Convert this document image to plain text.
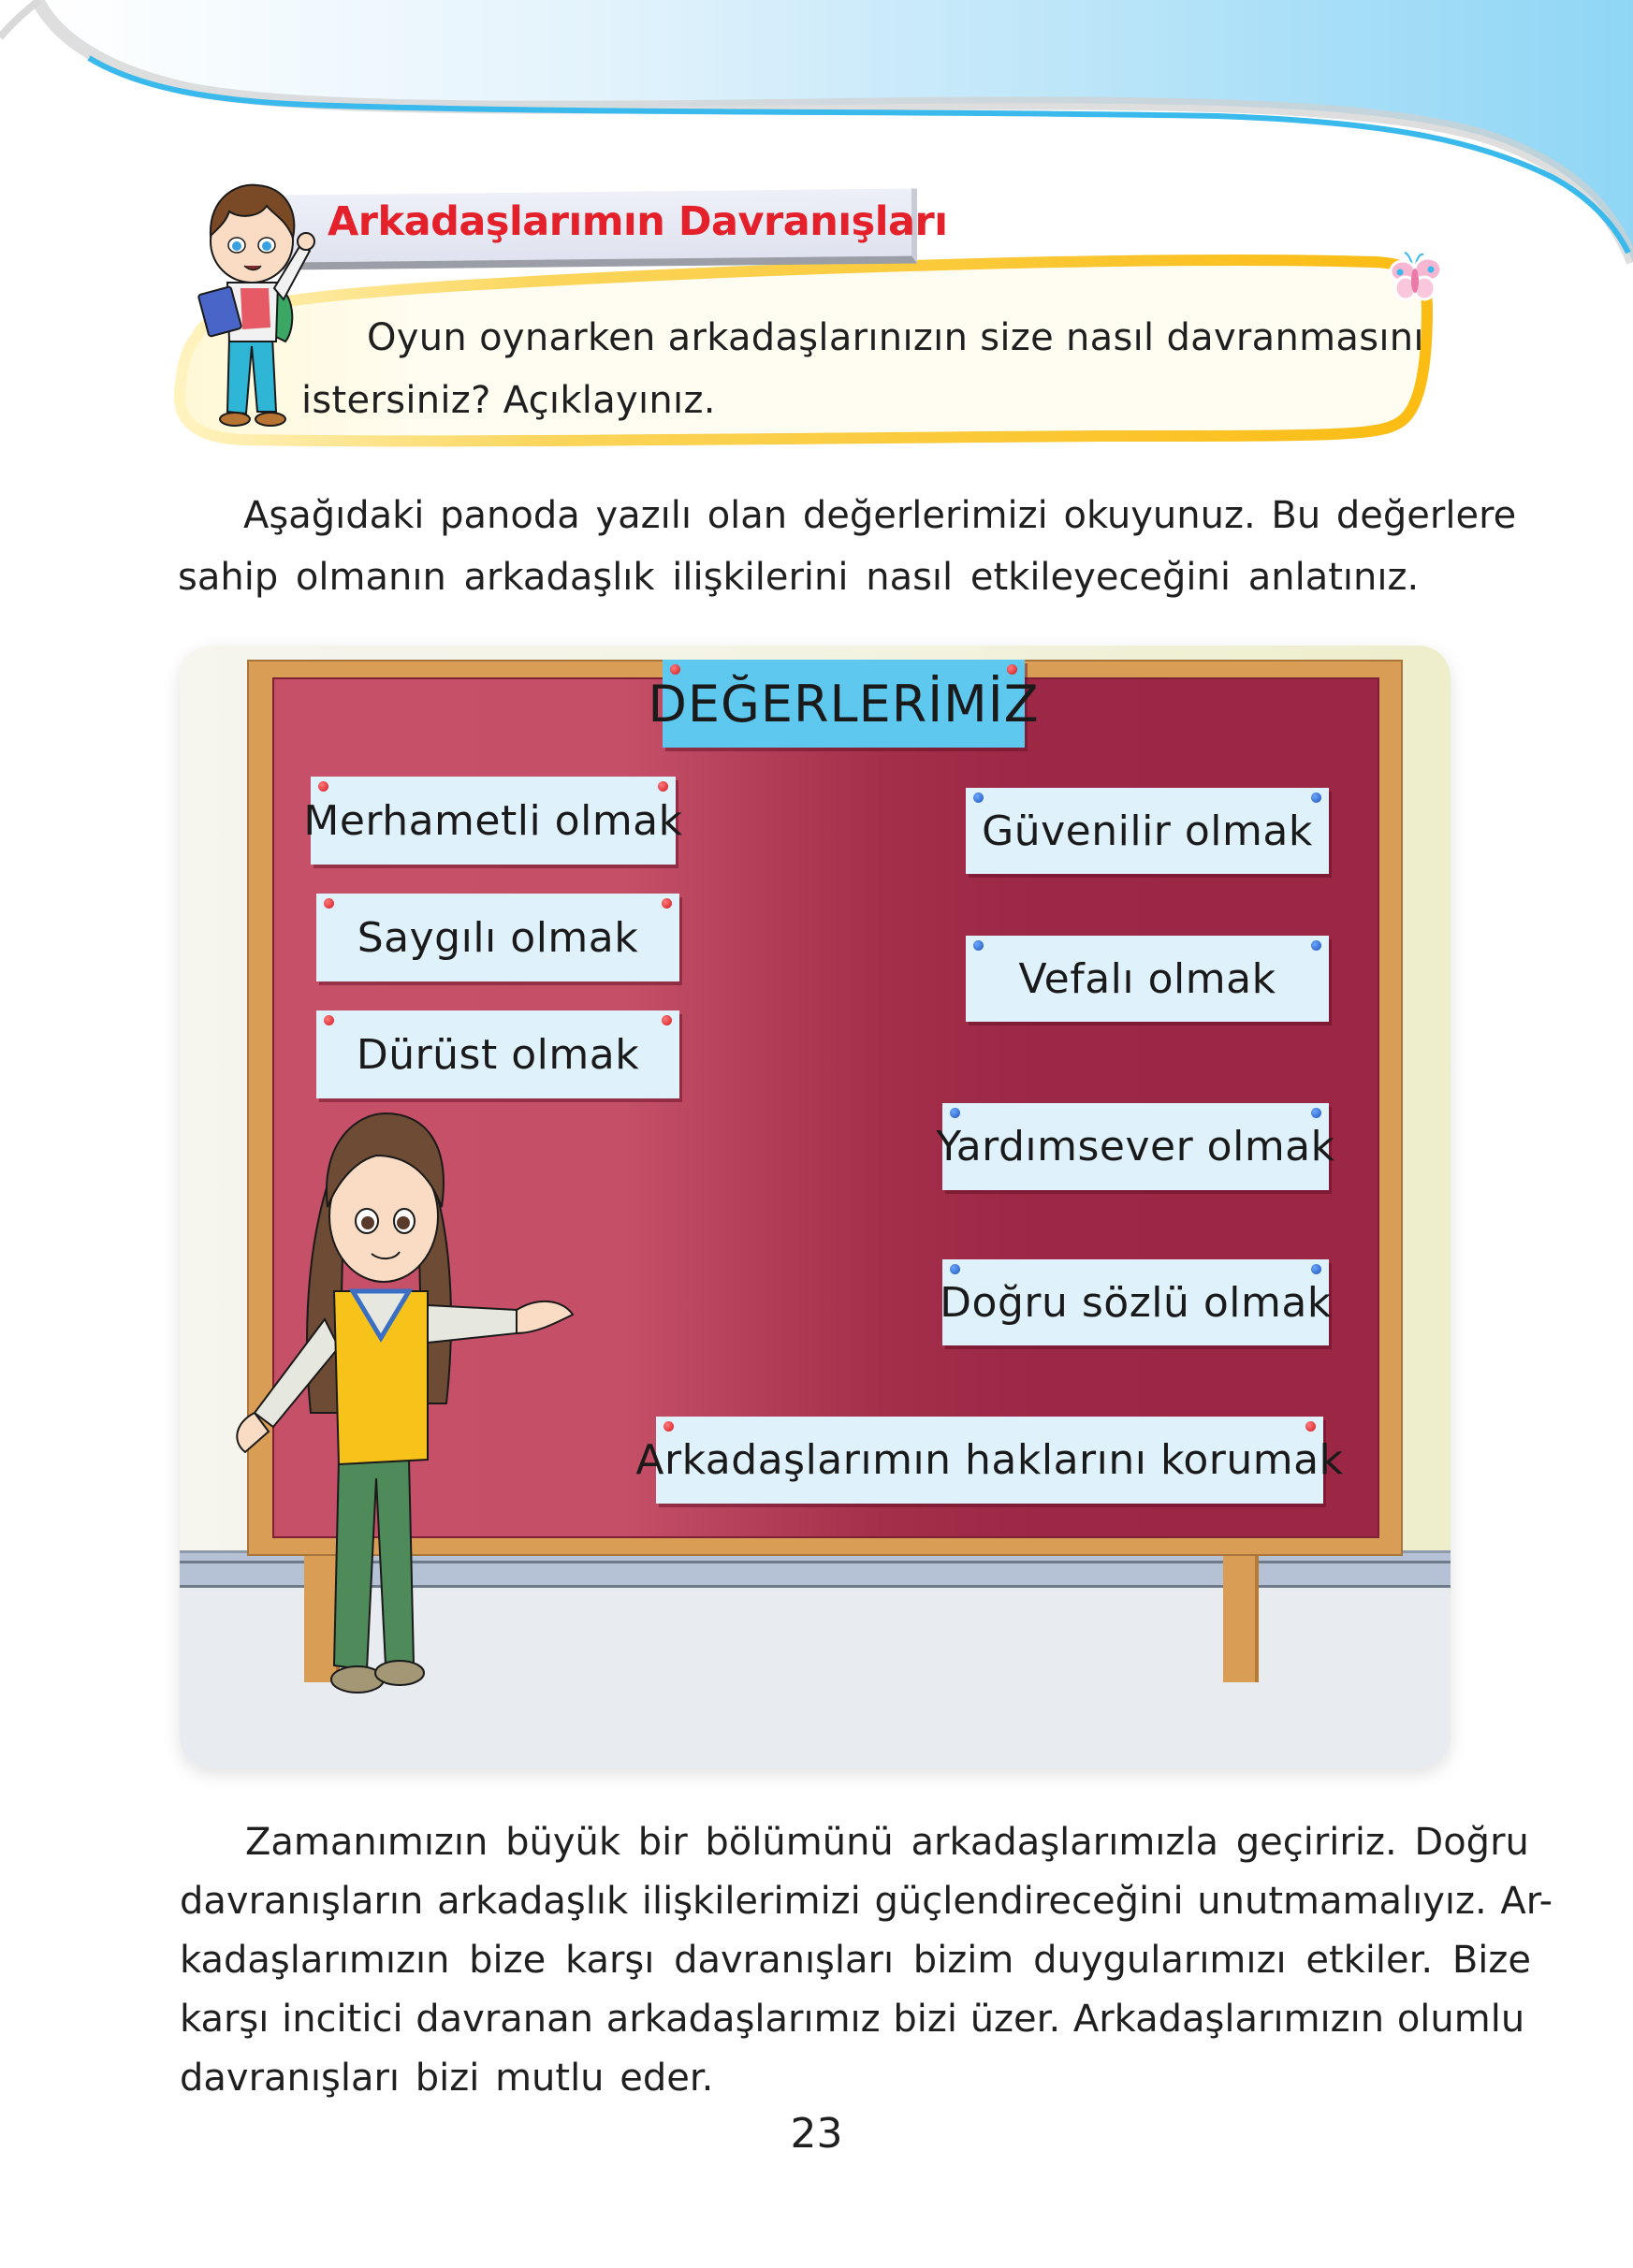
Oyun oynarken arkadaşlarınızın size nasıl davranmasını
istersiniz? Açıklayınız.
Arkadaşlarımın Davranışları
Aşağıdaki panoda yazılı olan değerlerimizi okuyunuz. Bu değerlere
sahip olmanın arkadaşlık ilişkilerini nasıl etkileyeceğini anlatınız.
DEĞERLERİMİZ
Merhametli olmak
Saygılı olmak
Dürüst olmak
Güvenilir olmak
Vefalı olmak
Yardımsever olmak
Doğru sözlü olmak
Arkadaşlarımın haklarını korumak
Zamanımızın büyük bir bölümünü arkadaşlarımızla geçiririz. Doğru
davranışların arkadaşlık ilişkilerimizi güçlendireceğini unutmamalıyız. Ar-
kadaşlarımızın bize karşı davranışları bizim duygularımızı etkiler. Bize
karşı incitici davranan arkadaşlarımız bizi üzer. Arkadaşlarımızın olumlu
davranışları bizi mutlu eder.
23
